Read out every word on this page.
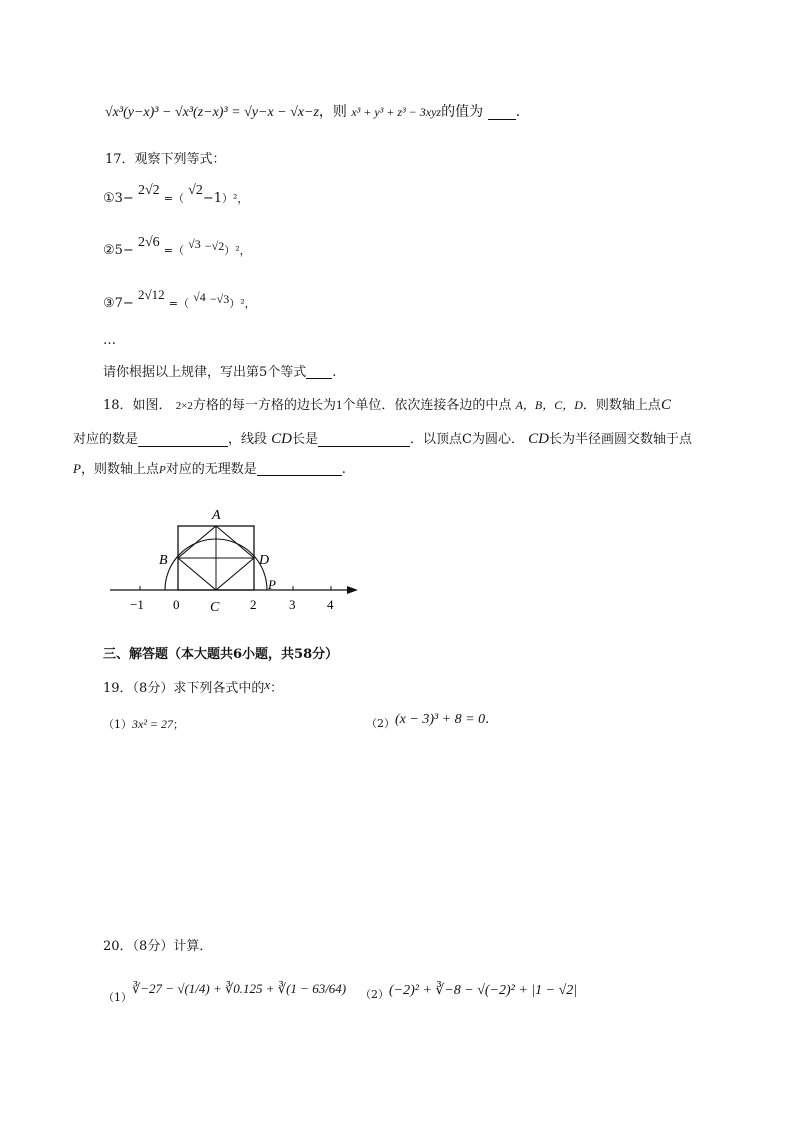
√x³(y−x)³ − √x³(z−x)³ = √y−x − √x−z，则 x³ + y³ + z³ − 3xyz的值为 .
17．观察下列等式：
①3− 2√2 =（ √2−1）²，
②5− 2√6 =（ √3 −√2）²，
③7− 2√12 =（ √4 −√3）²，
…
请你根据以上规律，写出第5个等式 .
18．如图． 2×2方格的每一方格的边长为1个单位．依次连接各边的中点 A，B，C，D．则数轴上点C
对应的数是	，线段 CD长是	．以顶点C为圆心． CD长为半径画圆交数轴于点
P，则数轴上点P对应的无理数是	.
A
B	D
P
C
−1 0	2	3 4
三、解答题（本大题共6小题，共58分）
19．（8分）求下列各式中的x：
（1）3x² = 27；	$_{(2)}$(x − 3)³ + 8 = 0.
20．（8分）计算．
（1）∛−27 − √(1/4) + ∛0.125 + ∛(1 − 63/64) （2）(−2)² + ∛−8 − √(−2)² + |1 − √2|
